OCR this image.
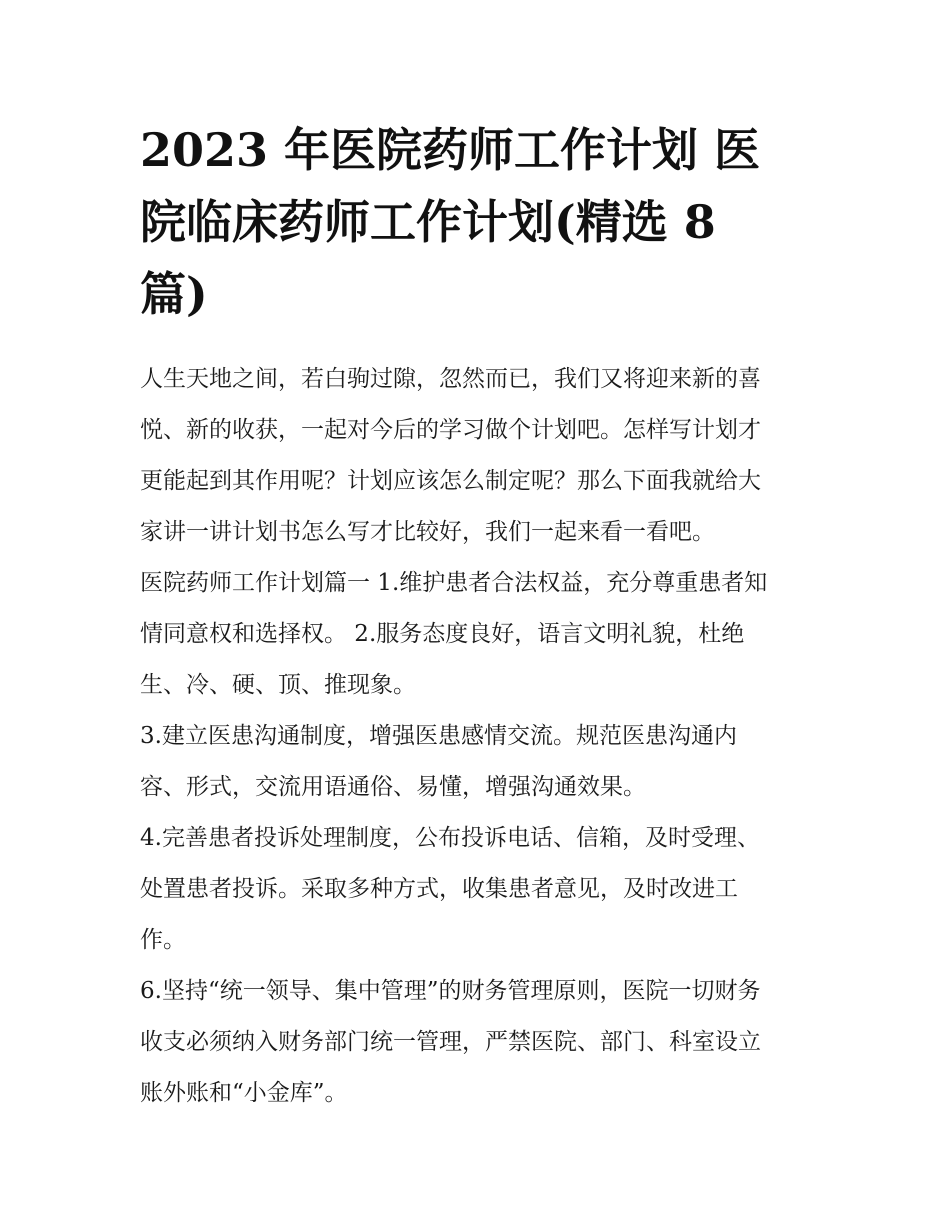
2023 年医院药师工作计划 医
院临床药师工作计划(精选 8
篇)
人生天地之间，若白驹过隙，忽然而已，我们又将迎来新的喜
悦、新的收获，一起对今后的学习做个计划吧。怎样写计划才
更能起到其作用呢？计划应该怎么制定呢？那么下面我就给大
家讲一讲计划书怎么写才比较好，我们一起来看一看吧。
医院药师工作计划篇一 1.维护患者合法权益，充分尊重患者知
情同意权和选择权。 2.服务态度良好，语言文明礼貌，杜绝
生、冷、硬、顶、推现象。
3.建立医患沟通制度，增强医患感情交流。规范医患沟通内
容、形式，交流用语通俗、易懂，增强沟通效果。
4.完善患者投诉处理制度，公布投诉电话、信箱，及时受理、
处置患者投诉。采取多种方式，收集患者意见，及时改进工
作。
6.坚持“统一领导、集中管理”的财务管理原则，医院一切财务
收支必须纳入财务部门统一管理，严禁医院、部门、科室设立
账外账和“小金库”。
